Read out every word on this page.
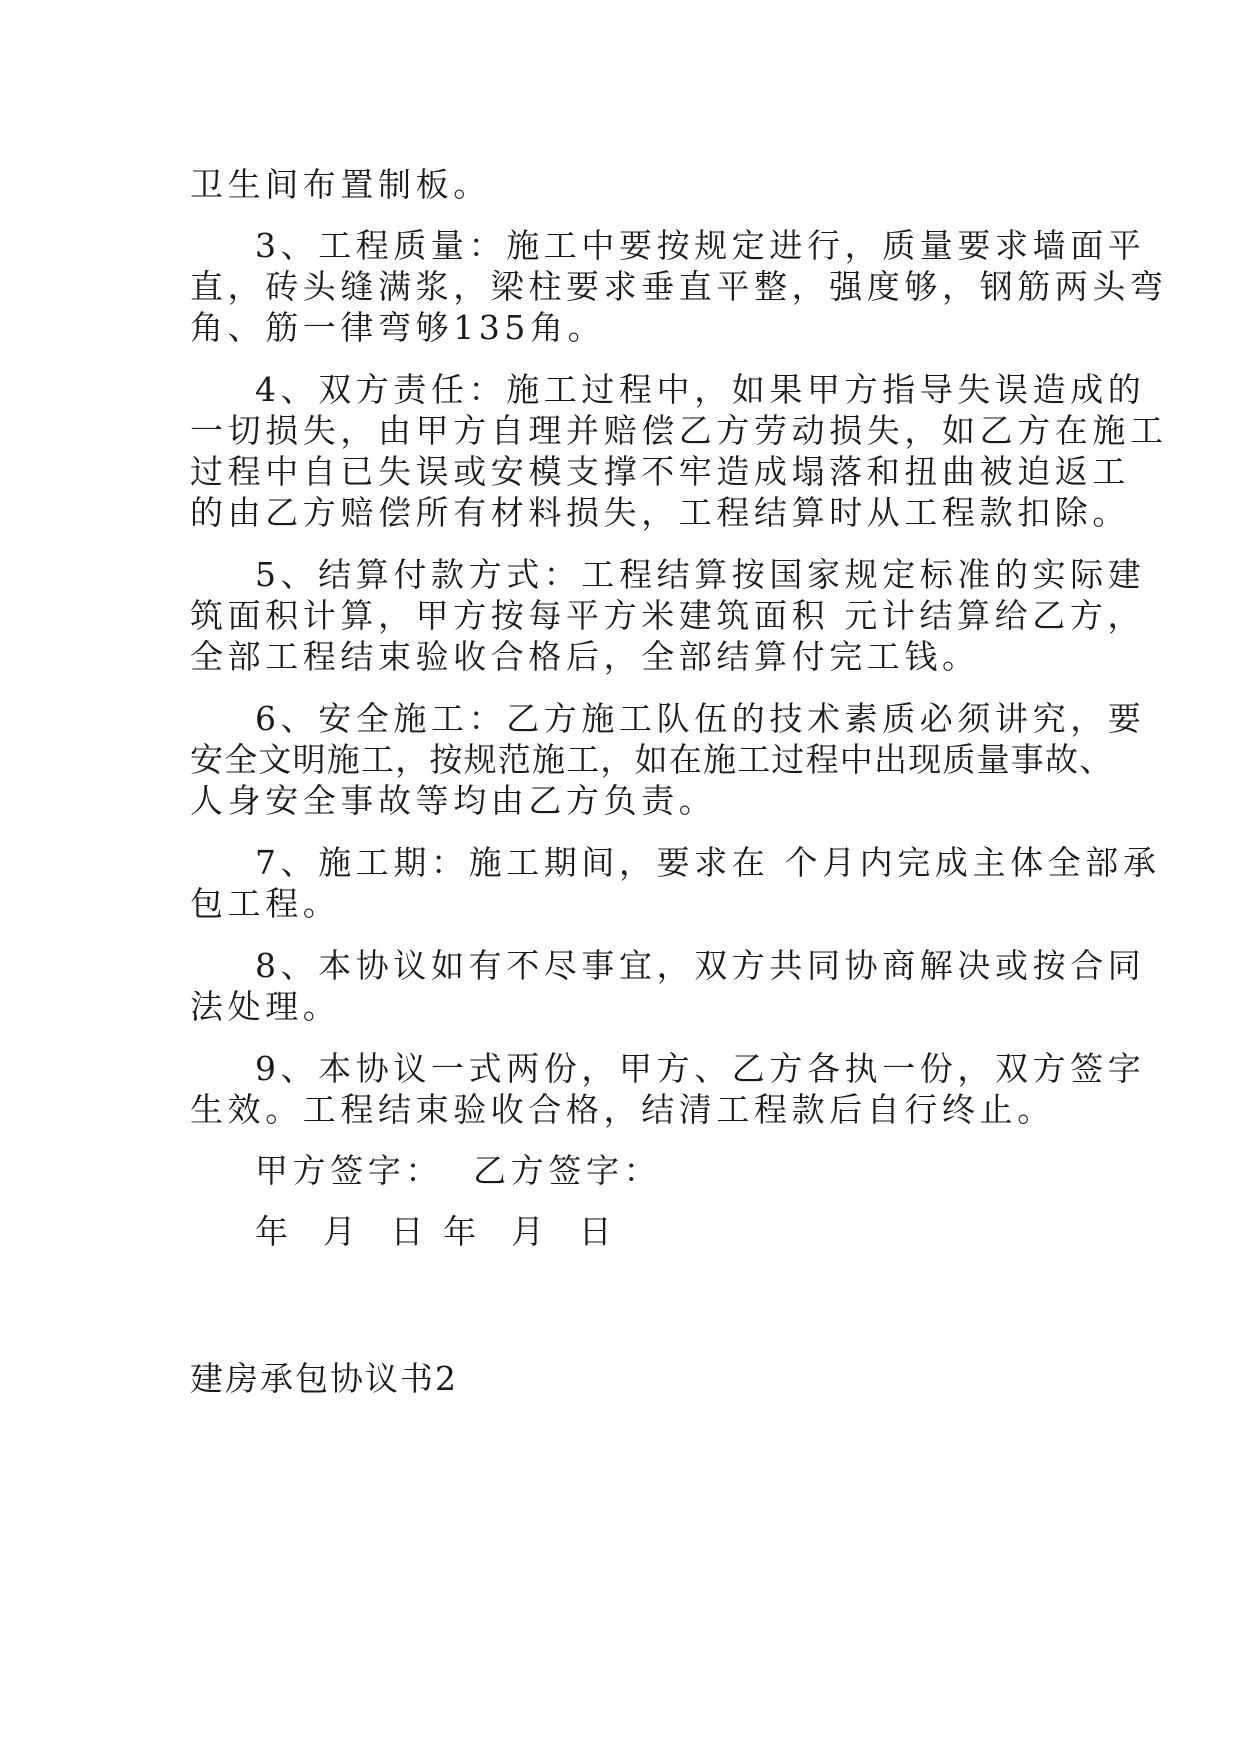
卫生间布置制板。

3、工程质量：施工中要按规定进行，质量要求墙面平

直，砖头缝满浆，梁柱要求垂直平整，强度够，钢筋两头弯

角、筋一律弯够135角。

4、双方责任：施工过程中，如果甲方指导失误造成的

一切损失，由甲方自理并赔偿乙方劳动损失，如乙方在施工

过程中自已失误或安模支撑不牢造成塌落和扭曲被迫返工

的由乙方赔偿所有材料损失，工程结算时从工程款扣除。

5、结算付款方式：工程结算按国家规定标准的实际建

筑面积计算，甲方按每平方米建筑面积 元计结算给乙方，

全部工程结束验收合格后，全部结算付完工钱。

6、安全施工：乙方施工队伍的技术素质必须讲究，要

安全文明施工，按规范施工，如在施工过程中出现质量事故、

人身安全事故等均由乙方负责。

7、施工期：施工期间，要求在 个月内完成主体全部承

包工程。

8、本协议如有不尽事宜，双方共同协商解决或按合同

法处理。

9、本协议一式两份，甲方、乙方各执一份，双方签字

生效。工程结束验收合格，结清工程款后自行终止。

甲方签字：  乙方签字：

年  月  日 年  月  日

建房承包协议书2
